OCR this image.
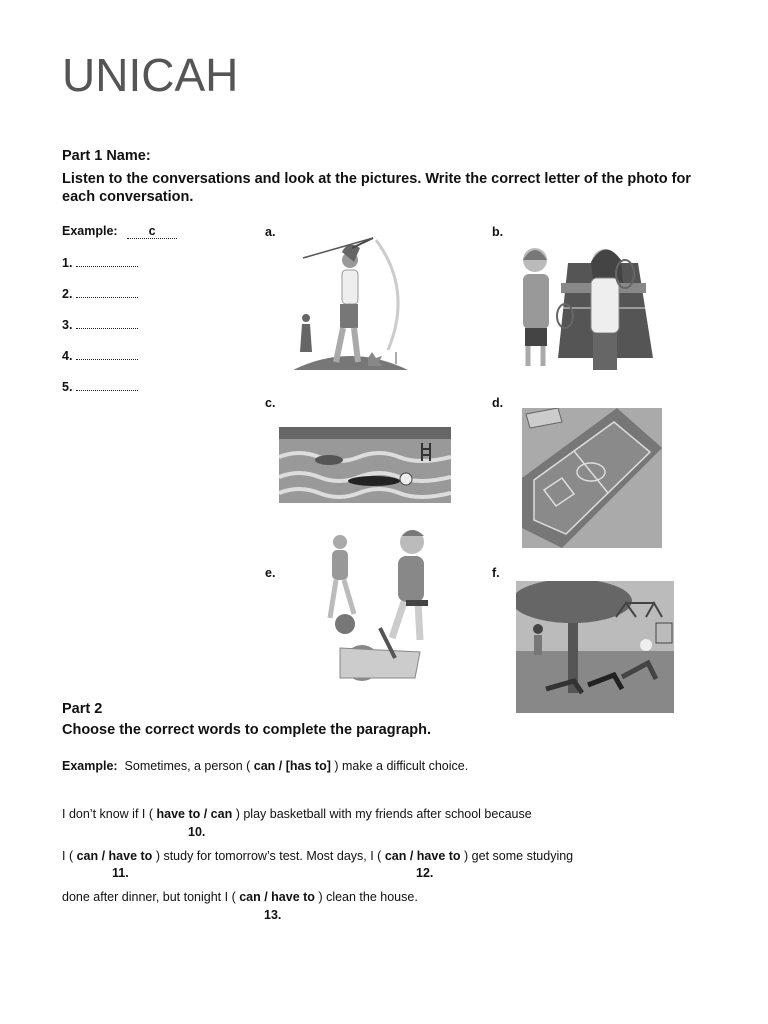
UNICAH
Part 1 Name:
Listen to the conversations and look at the pictures. Write the correct letter of the photo for each conversation.
Example: c
1.
2.
3.
4.
5.
a.	b.
c.	d.
e.	f.
Part 2
Choose the correct words to complete the paragraph.
Example: Sometimes, a person ( can / [has to] ) make a difficult choice.
I don’t know if I ( have to / can ) play basketball with my friends after school because
10.
I ( can / have to ) study for tomorrow’s test. Most days, I ( can / have to ) get some studying
11.	12.
done after dinner, but tonight I ( can / have to ) clean the house.
13.
